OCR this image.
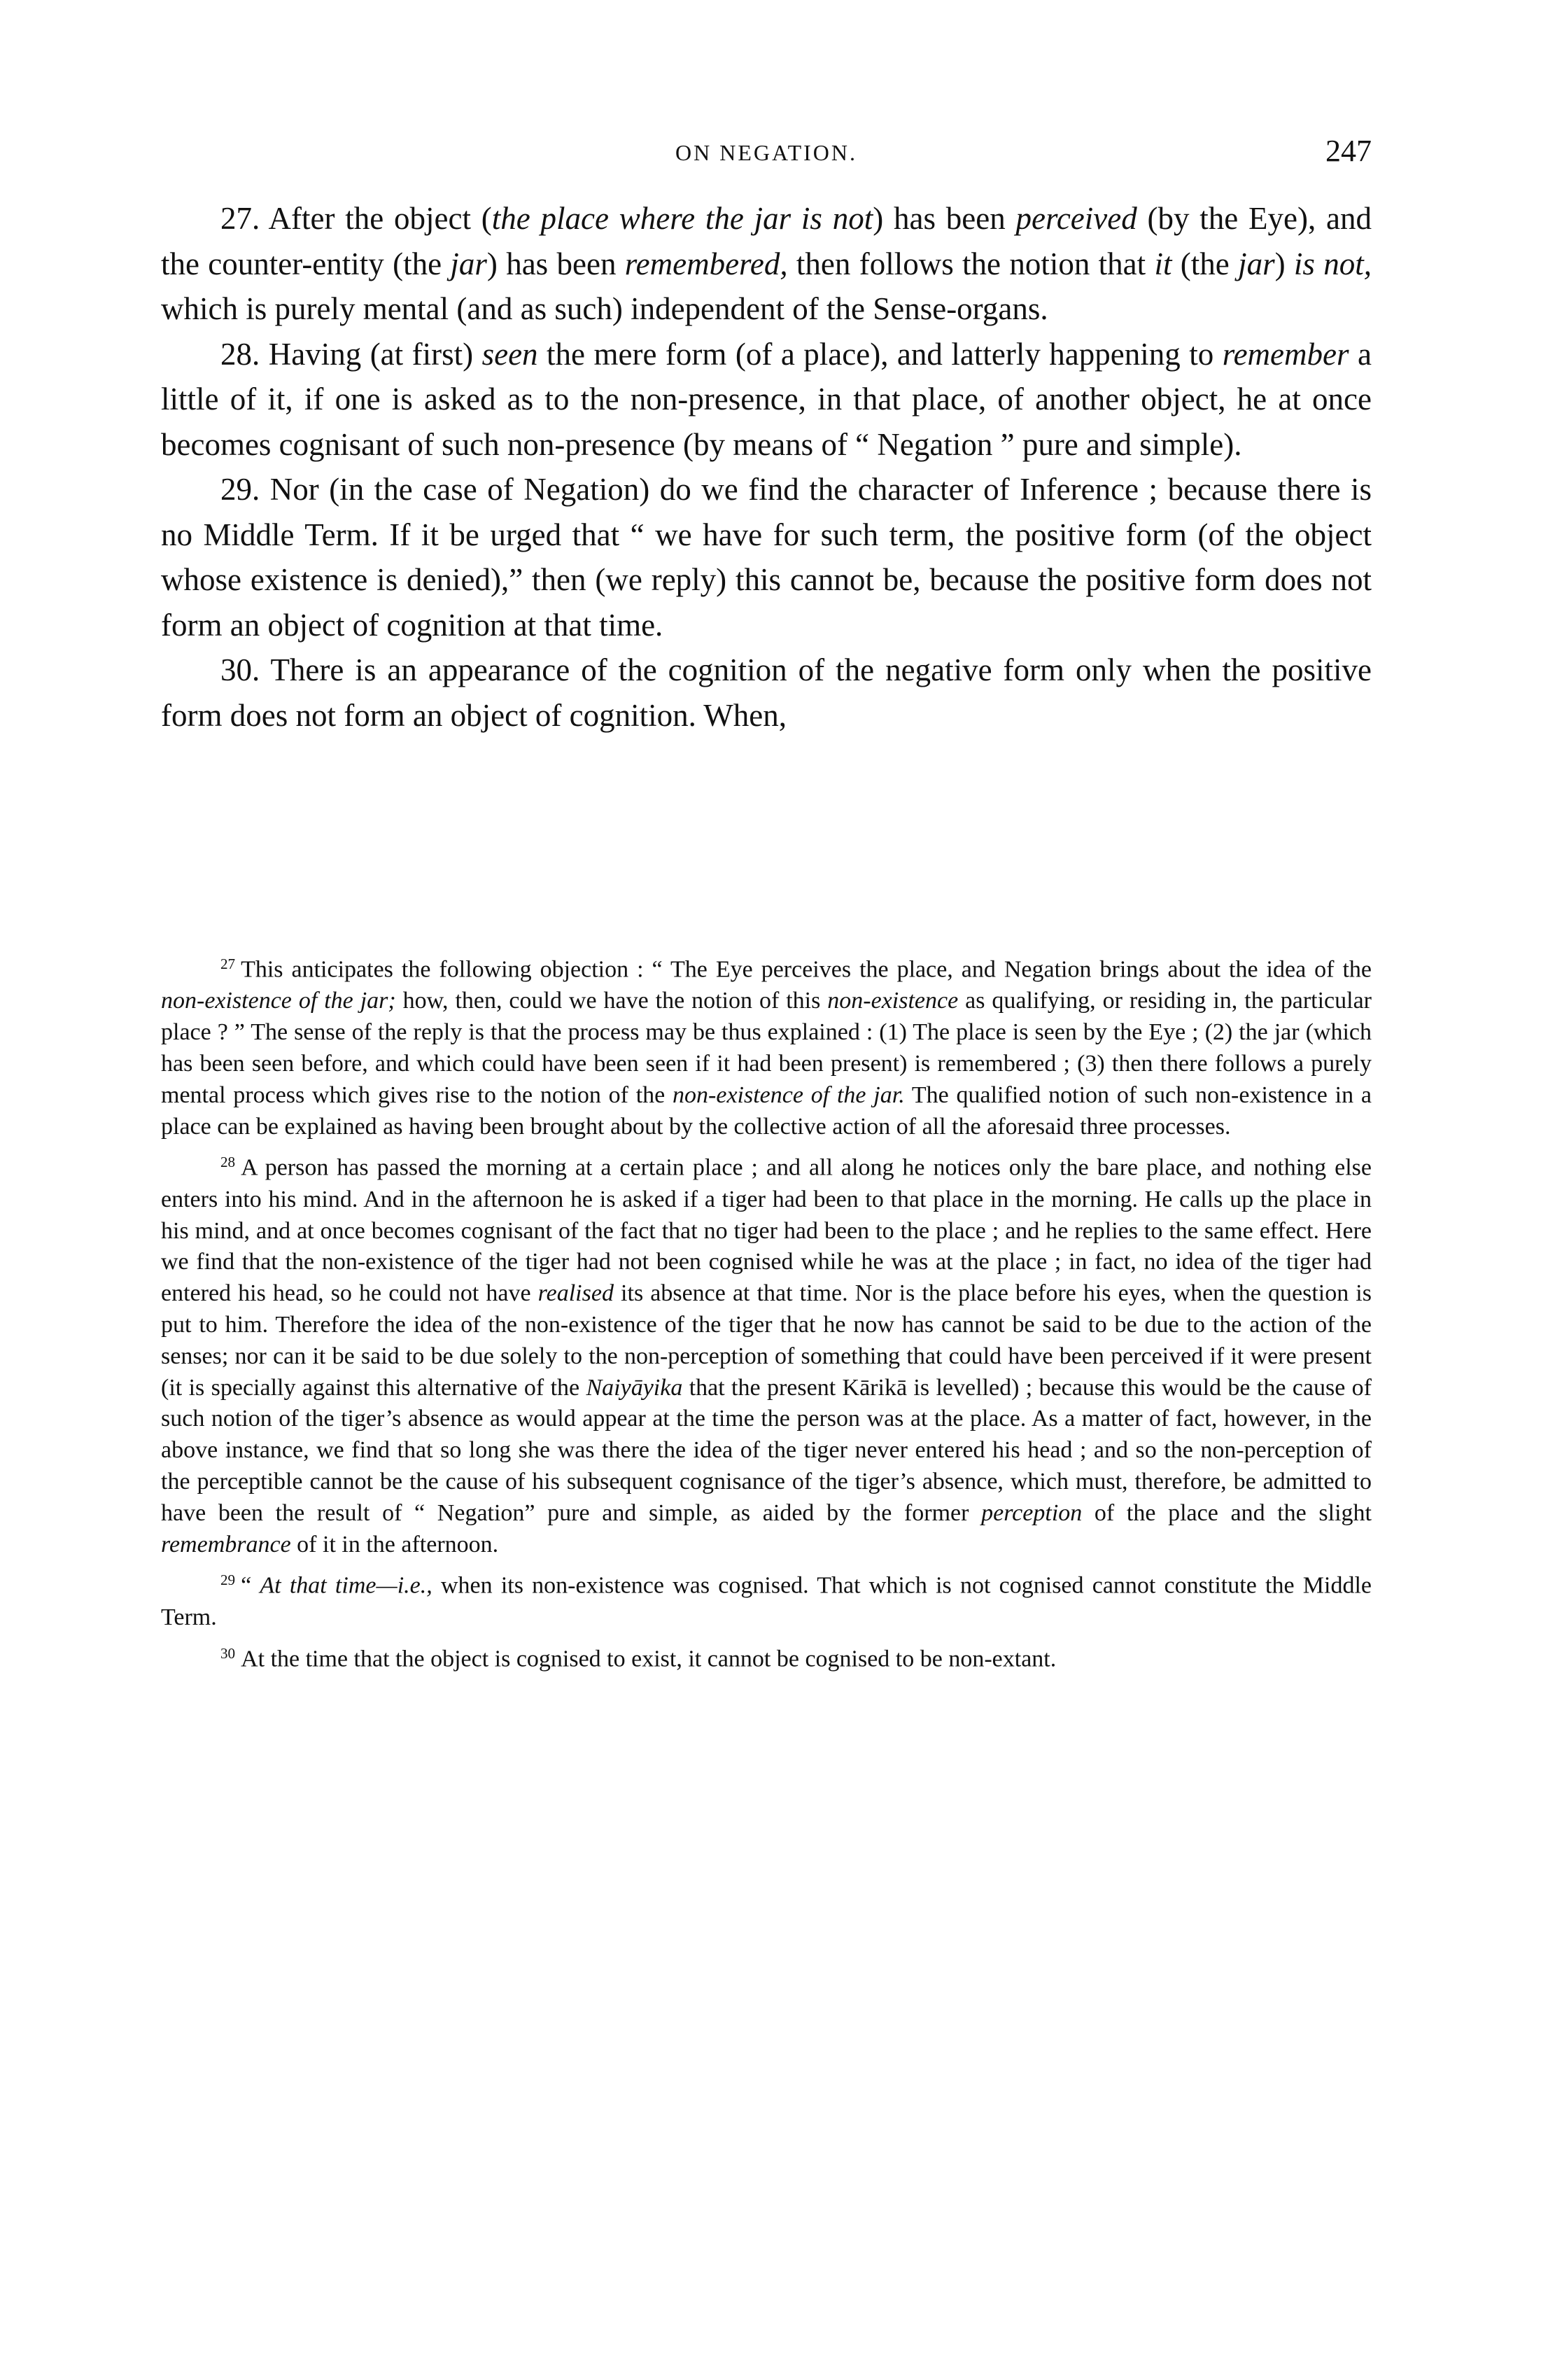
ON NEGATION.	247

27. After the object (the place where the jar is not) has been perceived (by the Eye), and the counter-entity (the jar) has been remembered, then follows the notion that it (the jar) is not, which is purely mental (and as such) independent of the Sense-organs.

28. Having (at first) seen the mere form (of a place), and latterly happening to remember a little of it, if one is asked as to the non-presence, in that place, of another object, he at once becomes cognisant of such non-presence (by means of “ Negation ” pure and simple).

29. Nor (in the case of Negation) do we find the character of Inference ; because there is no Middle Term. If it be urged that “ we have for such term, the positive form (of the object whose existence is denied),” then (we reply) this cannot be, because the positive form does not form an object of cognition at that time.

30. There is an appearance of the cognition of the negative form only when the positive form does not form an object of cognition. When,

$^{27}$ This anticipates the following objection : “ The Eye perceives the place, and Negation brings about the idea of the non-existence of the jar; how, then, could we have the notion of this non-existence as qualifying, or residing in, the particular place ? ” The sense of the reply is that the process may be thus explained : (1) The place is seen by the Eye ; (2) the jar (which has been seen before, and which could have been seen if it had been present) is remembered ; (3) then there follows a purely mental process which gives rise to the notion of the non-existence of the jar. The qualified notion of such non-existence in a place can be explained as having been brought about by the collective action of all the aforesaid three processes.

$^{28}$ A person has passed the morning at a certain place ; and all along he notices only the bare place, and nothing else enters into his mind. And in the afternoon he is asked if a tiger had been to that place in the morning. He calls up the place in his mind, and at once becomes cognisant of the fact that no tiger had been to the place ; and he replies to the same effect. Here we find that the non-existence of the tiger had not been cognised while he was at the place ; in fact, no idea of the tiger had entered his head, so he could not have realised its absence at that time. Nor is the place before his eyes, when the question is put to him. Therefore the idea of the non-existence of the tiger that he now has cannot be said to be due to the action of the senses; nor can it be said to be due solely to the non-perception of something that could have been perceived if it were present (it is specially against this alternative of the Naiyāyika that the present Kārikā is levelled) ; because this would be the cause of such notion of the tiger’s absence as would appear at the time the person was at the place. As a matter of fact, however, in the above instance, we find that so long she was there the idea of the tiger never entered his head ; and so the non-perception of the perceptible cannot be the cause of his subsequent cognisance of the tiger’s absence, which must, therefore, be admitted to have been the result of “ Negation” pure and simple, as aided by the former perception of the place and the slight remembrance of it in the afternoon.

$^{29}$ “ At that time—i.e., when its non-existence was cognised. That which is not cognised cannot constitute the Middle Term.

$^{30}$ At the time that the object is cognised to exist, it cannot be cognised to be non-extant.
